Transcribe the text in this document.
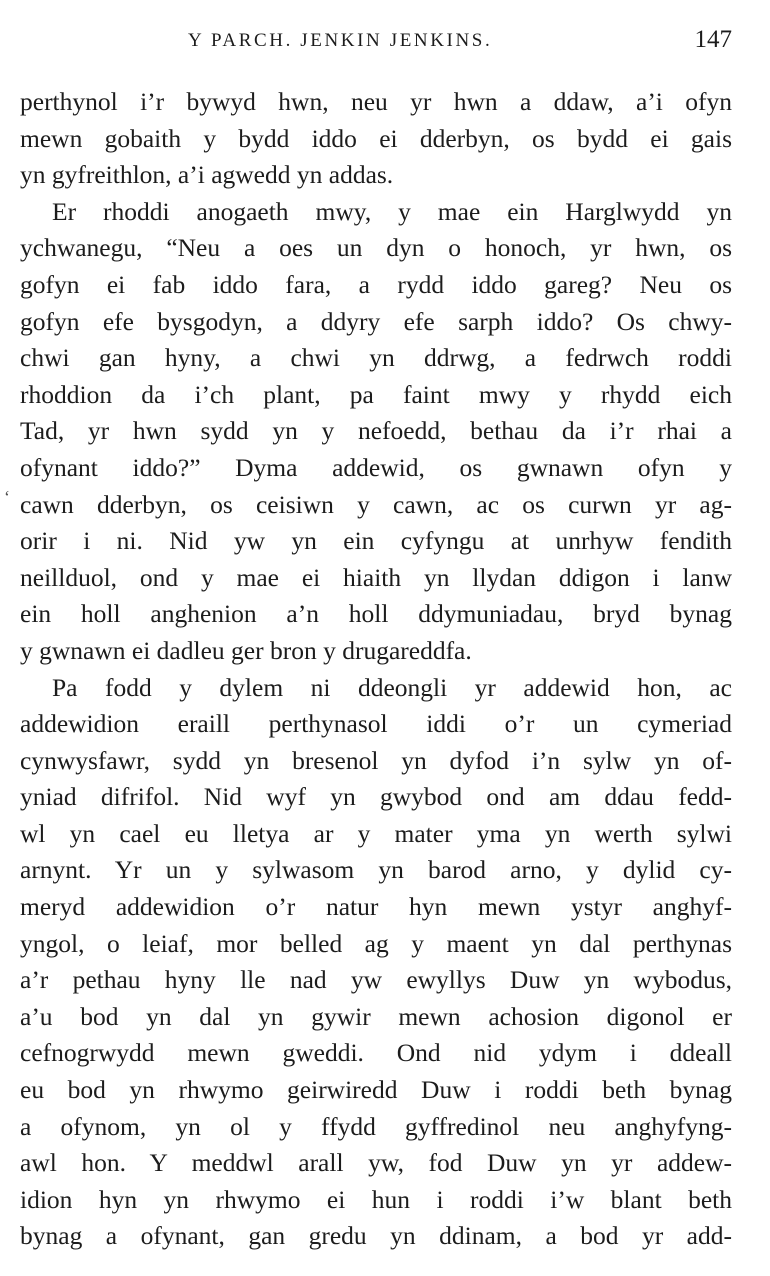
Y PARCH. JENKIN JENKINS.	147
‘
perthynol i’r bywyd hwn, neu yr hwn a ddaw, a’i ofyn
mewn gobaith y bydd iddo ei dderbyn, os bydd ei gais
yn gyfreithlon, a’i agwedd yn addas.
Er rhoddi anogaeth mwy, y mae ein Harglwydd yn
ychwanegu, “Neu a oes un dyn o honoch, yr hwn, os
gofyn ei fab iddo fara, a rydd iddo gareg? Neu os
gofyn efe bysgodyn, a ddyry efe sarph iddo? Os chwy-
chwi gan hyny, a chwi yn ddrwg, a fedrwch roddi
rhoddion da i’ch plant, pa faint mwy y rhydd eich
Tad, yr hwn sydd yn y nefoedd, bethau da i’r rhai a
ofynant iddo?” Dyma addewid, os gwnawn ofyn y
cawn dderbyn, os ceisiwn y cawn, ac os curwn yr ag-
orir i ni. Nid yw yn ein cyfyngu at unrhyw fendith
neillduol, ond y mae ei hiaith yn llydan ddigon i lanw
ein holl anghenion a’n holl ddymuniadau, bryd bynag
y gwnawn ei dadleu ger bron y drugareddfa.
Pa fodd y dylem ni ddeongli yr addewid hon, ac
addewidion eraill perthynasol iddi o’r un cymeriad
cynwysfawr, sydd yn bresenol yn dyfod i’n sylw yn of-
yniad difrifol. Nid wyf yn gwybod ond am ddau fedd-
wl yn cael eu lletya ar y mater yma yn werth sylwi
arnynt. Yr un y sylwasom yn barod arno, y dylid cy-
meryd addewidion o’r natur hyn mewn ystyr anghyf-
yngol, o leiaf, mor belled ag y maent yn dal perthynas
a’r pethau hyny lle nad yw ewyllys Duw yn wybodus,
a’u bod yn dal yn gywir mewn achosion digonol er
cefnogrwydd mewn gweddi. Ond nid ydym i ddeall
eu bod yn rhwymo geirwiredd Duw i roddi beth bynag
a ofynom, yn ol y ffydd gyffredinol neu anghyfyng-
awl hon. Y meddwl arall yw, fod Duw yn yr addew-
idion hyn yn rhwymo ei hun i roddi i’w blant beth
bynag a ofynant, gan gredu yn ddinam, a bod yr add-
